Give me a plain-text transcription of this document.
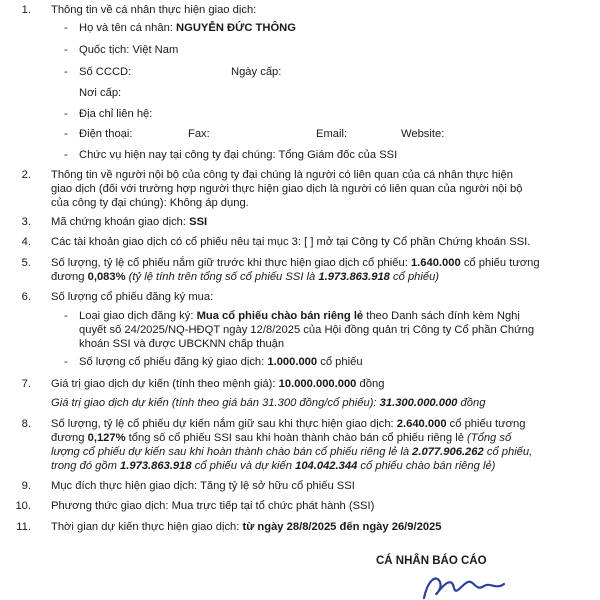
1. Thông tin về cá nhân thực hiện giao dịch:
- Họ và tên cá nhân: NGUYỄN ĐỨC THÔNG
- Quốc tịch: Việt Nam
- Số CCCD:	Ngày cấp:
Nơi cấp:
- Địa chỉ liên hệ:
- Điện thoại:	Fax:	Email:	Website:
- Chức vụ hiện nay tại công ty đại chúng: Tổng Giám đốc của SSI
2. Thông tin về người nội bộ của công ty đại chúng là người có liên quan của cá nhân thực hiện
giao dịch (đối với trường hợp người thực hiện giao dịch là người có liên quan của người nội bộ
của công ty đại chúng): Không áp dụng.
3. Mã chứng khoán giao dịch: SSI
4. Các tài khoản giao dịch có cổ phiếu nêu tại mục 3: [ ] mở tại Công ty Cổ phần Chứng khoán SSI.
5. Số lượng, tỷ lệ cổ phiếu nắm giữ trước khi thực hiện giao dịch cổ phiếu: 1.640.000 cổ phiếu tương
đương 0,083% (tỷ lệ tính trên tổng số cổ phiếu SSI là 1.973.863.918 cổ phiếu)
6. Số lượng cổ phiếu đăng ký mua:
- Loại giao dịch đăng ký: Mua cổ phiếu chào bán riêng lẻ theo Danh sách đính kèm Nghị
quyết số 24/2025/NQ-HĐQT ngày 12/8/2025 của Hội đồng quản trị Công ty Cổ phần Chứng
khoán SSI và được UBCKNN chấp thuận
- Số lượng cổ phiếu đăng ký giao dịch: 1.000.000 cổ phiếu
7. Giá trị giao dịch dự kiến (tính theo mệnh giá): 10.000.000.000 đồng
Giá trị giao dịch dự kiến (tính theo giá bán 31.300 đồng/cổ phiếu): 31.300.000.000 đồng
8. Số lượng, tỷ lệ cổ phiếu dự kiến nắm giữ sau khi thực hiện giao dịch: 2.640.000 cổ phiếu tương
đương 0,127% tổng số cổ phiếu SSI sau khi hoàn thành chào bán cổ phiếu riêng lẻ (Tổng số
lượng cổ phiếu dự kiến sau khi hoàn thành chào bán cổ phiếu riêng lẻ là 2.077.906.262 cổ phiếu,
trong đó gồm 1.973.863.918 cổ phiếu và dự kiến 104.042.344 cổ phiếu chào bán riêng lẻ)
9. Mục đích thực hiện giao dịch: Tăng tỷ lệ sở hữu cổ phiếu SSI
10. Phương thức giao dịch: Mua trực tiếp tại tổ chức phát hành (SSI)
11. Thời gian dự kiến thực hiện giao dịch: từ ngày 28/8/2025 đến ngày 26/9/2025
CÁ NHÂN BÁO CÁO
